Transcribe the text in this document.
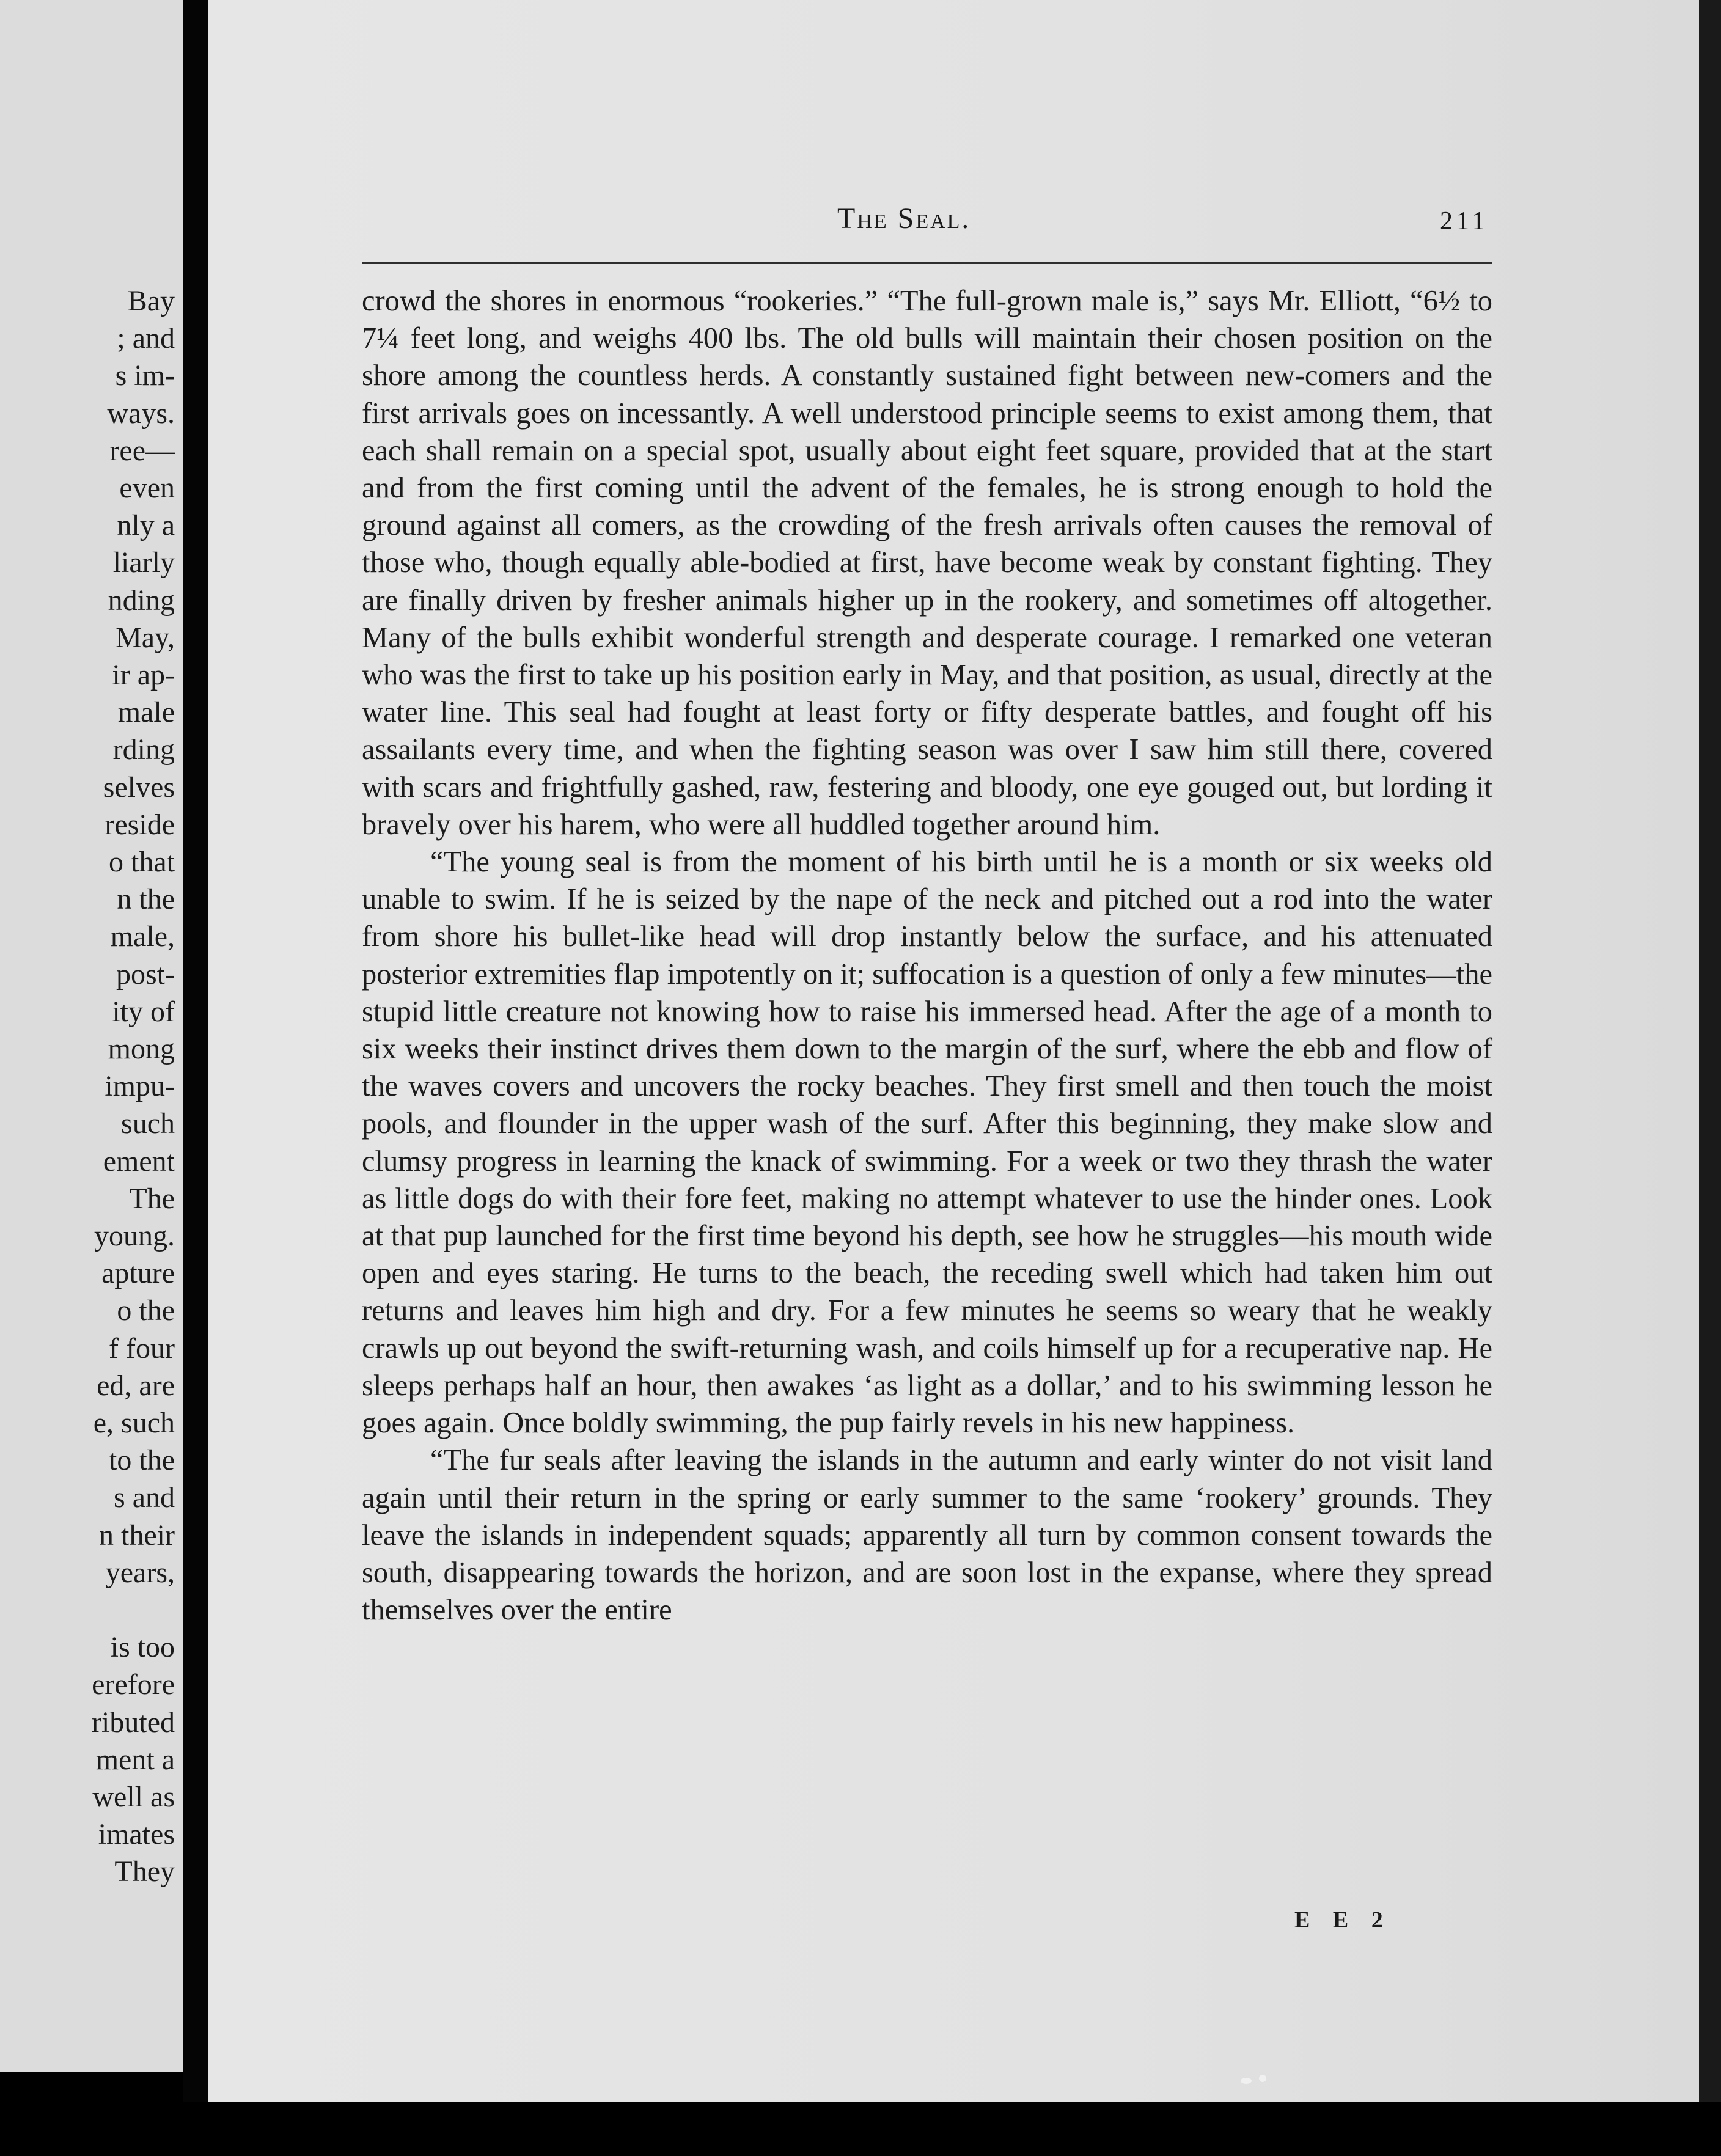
Bay
; and
s im-
ways.
ree—
even
nly a
liarly
nding
May,
ir ap-
male
rding
selves
reside
o that
n the
male,
post-
ity of
mong
impu-
such
ement
The
young.
apture
o the
f four
ed, are
e, such
to the
s and
n their
years,
is too
erefore
ributed
ment a
well as
imates
They
The Seal.	211

crowd the shores in enormous “rookeries.” “The full-grown male is,” says Mr. Elliott, “6½ to 7¼ feet long, and weighs 400 lbs. The old bulls will maintain their chosen position on the shore among the countless herds. A constantly sustained fight between new-comers and the first arrivals goes on incessantly. A well understood principle seems to exist among them, that each shall remain on a special spot, usually about eight feet square, provided that at the start and from the first coming until the advent of the females, he is strong enough to hold the ground against all comers, as the crowding of the fresh arrivals often causes the removal of those who, though equally able-bodied at first, have become weak by constant fighting. They are finally driven by fresher animals higher up in the rookery, and sometimes off altogether. Many of the bulls exhibit wonderful strength and desperate courage. I remarked one veteran who was the first to take up his position early in May, and that position, as usual, directly at the water line. This seal had fought at least forty or fifty desperate battles, and fought off his assailants every time, and when the fighting season was over I saw him still there, covered with scars and frightfully gashed, raw, festering and bloody, one eye gouged out, but lording it bravely over his harem, who were all huddled together around him.

“The young seal is from the moment of his birth until he is a month or six weeks old unable to swim. If he is seized by the nape of the neck and pitched out a rod into the water from shore his bullet-like head will drop instantly below the surface, and his attenuated posterior extremities flap impotently on it; suffocation is a question of only a few minutes—the stupid little creature not knowing how to raise his immersed head. After the age of a month to six weeks their instinct drives them down to the margin of the surf, where the ebb and flow of the waves covers and uncovers the rocky beaches. They first smell and then touch the moist pools, and flounder in the upper wash of the surf. After this beginning, they make slow and clumsy progress in learning the knack of swimming. For a week or two they thrash the water as little dogs do with their fore feet, making no attempt whatever to use the hinder ones. Look at that pup launched for the first time beyond his depth, see how he struggles—his mouth wide open and eyes staring. He turns to the beach, the receding swell which had taken him out returns and leaves him high and dry. For a few minutes he seems so weary that he weakly crawls up out beyond the swift-returning wash, and coils himself up for a recuperative nap. He sleeps perhaps half an hour, then awakes ‘as light as a dollar,’ and to his swimming lesson he goes again. Once boldly swimming, the pup fairly revels in his new happiness.

“The fur seals after leaving the islands in the autumn and early winter do not visit land again until their return in the spring or early summer to the same ‘rookery’ grounds. They leave the islands in independent squads; apparently all turn by common consent towards the south, disappearing towards the horizon, and are soon lost in the expanse, where they spread themselves over the entire

E E 2
